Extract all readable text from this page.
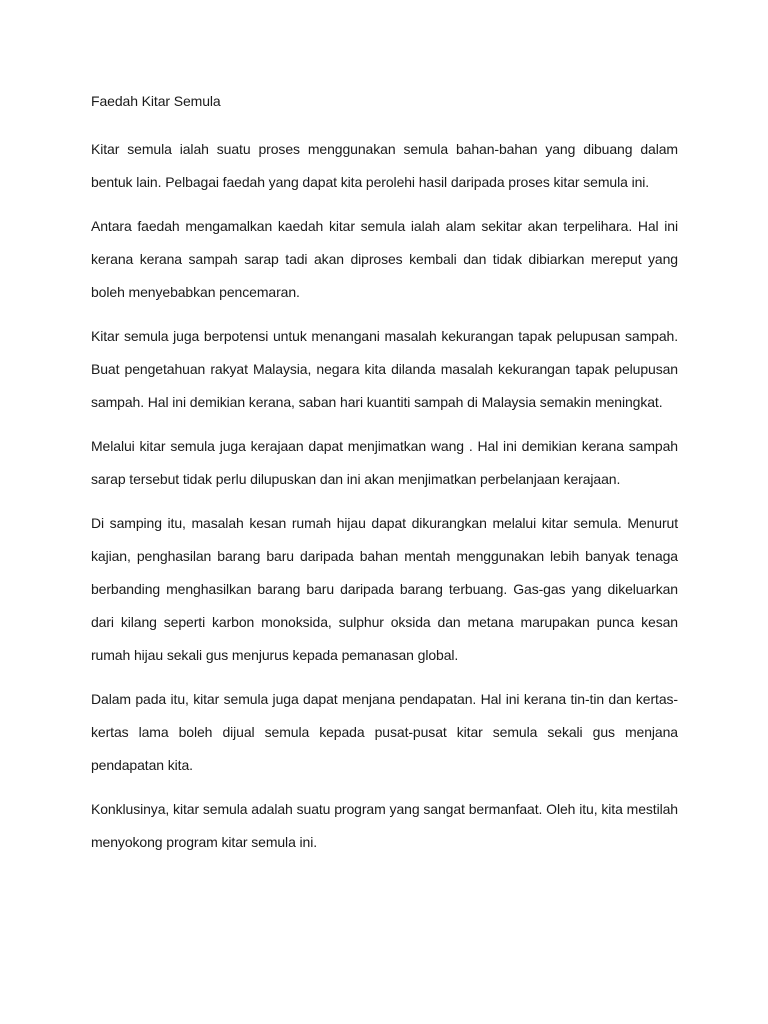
Faedah Kitar Semula

Kitar semula ialah suatu proses menggunakan semula bahan-bahan yang dibuang dalam bentuk lain. Pelbagai faedah yang dapat kita perolehi hasil daripada proses kitar semula ini.

Antara faedah mengamalkan kaedah kitar semula ialah alam sekitar akan terpelihara. Hal ini kerana kerana sampah sarap tadi akan diproses kembali dan tidak dibiarkan mereput yang boleh menyebabkan pencemaran.

Kitar semula juga berpotensi untuk menangani masalah kekurangan tapak pelupusan sampah. Buat pengetahuan rakyat Malaysia, negara kita dilanda masalah kekurangan tapak pelupusan sampah. Hal ini demikian kerana, saban hari kuantiti sampah di Malaysia semakin meningkat.

Melalui kitar semula juga kerajaan dapat menjimatkan wang . Hal ini demikian kerana sampah sarap tersebut tidak perlu dilupuskan dan ini akan menjimatkan perbelanjaan kerajaan.

Di samping itu, masalah kesan rumah hijau dapat dikurangkan melalui kitar semula. Menurut kajian, penghasilan barang baru daripada bahan mentah menggunakan lebih banyak tenaga berbanding menghasilkan barang baru daripada barang terbuang. Gas-gas yang dikeluarkan dari kilang seperti karbon monoksida, sulphur oksida dan metana marupakan punca kesan rumah hijau sekali gus menjurus kepada pemanasan global.

Dalam pada itu, kitar semula juga dapat menjana pendapatan. Hal ini kerana tin-tin dan kertas-kertas lama boleh dijual semula kepada pusat-pusat kitar semula sekali gus menjana pendapatan kita.

Konklusinya, kitar semula adalah suatu program yang sangat bermanfaat. Oleh itu, kita mestilah menyokong program kitar semula ini.
